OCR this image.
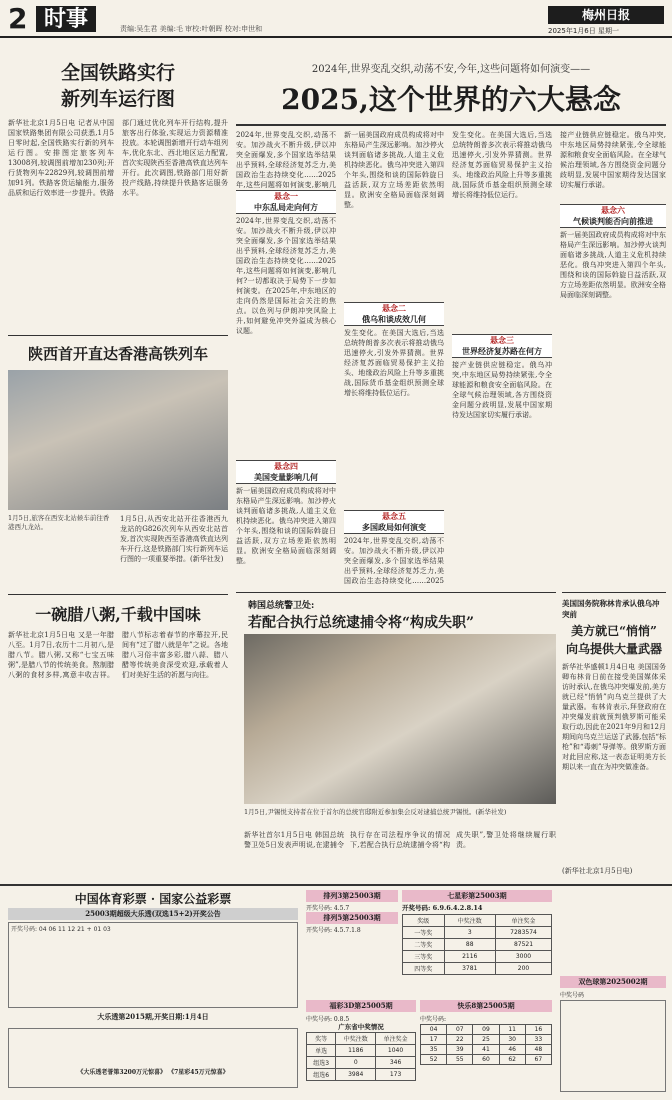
2 时事	责编:吴生君 美编:毛 审校:叶朝晖 校对:申世和
梅州日报
2025年1月6日 星期一
全国铁路实行
新列车运行图
新华社北京1月5日电 记者从中国国家铁路集团有限公司获悉,1月5日零时起,全国铁路实行新的列车运行图。安排图定旅客列车13008列,较调图前增加230列;开行货物列车22829列,较调图前增加91列。铁路客货运输能力,服务品质和运行效率进一步提升。铁路部门通过优化列车开行结构,提升旅客出行体验,实现运力资源精准投放。本轮调图新增开行动车组列车,优化东北、西北地区运力配置,首次实现陕西至香港高铁直达列车开行。此次调图,铁路部门用好新投产线路,持续提升铁路客运服务水平。
陕西首开直达香港高铁列车
1月5日,旅客在西安北站候车前往香港西九龙站。
1月5日,从西安北站开往香港西九龙站的G826次列车从西安北站首发,首次实现陕西至香港高铁直达列车开行,这是铁路部门实行新列车运行图的一项重要举措。(新华社发)
一碗腊八粥,千载中国味
新华社北京1月5日电 又是一年腊八至。1月7日,农历十二月初八,是腊八节。腊八粥,又称“七宝五味粥”,是腊八节的传统美食。熬制腊八粥的食材多样,寓意丰收吉祥。腊八节标志着春节的序幕拉开,民间有“过了腊八就是年”之说。各地腊八习俗丰富多彩,腊八蒜、腊八醋等传统美食深受欢迎,承载着人们对美好生活的祈愿与向往。
2024年,世界变乱交织,动荡不安,今年,这些问题将如何演变——
2025,这个世界的六大悬念
2024年,世界变乱交织,动荡不安。加沙战火不断升级,伊以冲突全面爆发,多个国家选举结果出乎预料,全球经济复苏乏力,美国政治生态持续变化……2025年,这些问题将如何演变,影响几
悬念一
中东乱局走向何方
2024年,世界变乱交织,动荡不安。加沙战火不断升级,伊以冲突全面爆发,多个国家选举结果出乎预料,全球经济复苏乏力,美国政治生态持续变化……2025年,这些问题将如何演变,影响几何?一切都取决于局势下一步如何演变。在2025年,中东地区的走向仍然是国际社会关注的焦点。以色列与伊朗冲突风险上升,如何避免冲突外溢成为核心议题。
悬念四
美国变量影响几何
新一届美国政府成员构成将对中东格局产生深远影响。加沙停火谈判面临诸多挑战,人道主义危机持续恶化。俄乌冲突进入第四个年头,围绕和谈的国际斡旋日益活跃,双方立场差距依然明显。欧洲安全格局面临深刻调整。
新一届美国政府成员构成将对中东格局产生深远影响。加沙停火谈判面临诸多挑战,人道主义危机持续恶化。俄乌冲突进入第四个年头,围绕和谈的国际斡旋日益活跃,双方立场差距依然明显。欧洲安全格局面临深刻调整。
悬念二
俄乌和谈成效几何
发生变化。在美国大选后,当选总统特朗普多次表示将推动俄乌迅速停火,引发外界猜测。世界经济复苏面临贸易保护主义抬头、地缘政治风险上升等多重挑战,国际货币基金组织预测全球增长将维持低位运行。
悬念五
多国政局如何演变
2024年,世界变乱交织,动荡不安。加沙战火不断升级,伊以冲突全面爆发,多个国家选举结果出乎预料,全球经济复苏乏力,美国政治生态持续变化……2025
发生变化。在美国大选后,当选总统特朗普多次表示将推动俄乌迅速停火,引发外界猜测。世界经济复苏面临贸易保护主义抬头、地缘政治风险上升等多重挑战,国际货币基金组织预测全球增长将维持低位运行。
悬念三
世界经济复苏路在何方
接产业链供应链稳定。俄乌冲突,中东地区局势持续紧张,令全球能源和粮食安全面临风险。在全球气候治理领域,各方围绕资金问题分歧明显,发展中国家期待发达国家切实履行承诺。
接产业链供应链稳定。俄乌冲突,中东地区局势持续紧张,令全球能源和粮食安全面临风险。在全球气候治理领域,各方围绕资金问题分歧明显,发展中国家期待发达国家切实履行承诺。
悬念六
气候谈判能否向前推进
新一届美国政府成员构成将对中东格局产生深远影响。加沙停火谈判面临诸多挑战,人道主义危机持续恶化。俄乌冲突进入第四个年头,围绕和谈的国际斡旋日益活跃,双方立场差距依然明显。欧洲安全格局面临深刻调整。
韩国总统警卫处:
若配合执行总统逮捕令将“构成失职”
1月5日,尹锡悦支持者在位于首尔的总统官邸附近参加集会反对逮捕总统尹锡悦。(新华社发)
新华社首尔1月5日电 韩国总统警卫处5日发表声明说,在逮捕令执行存在司法程序争议的情况下,若配合执行总统逮捕令将“构成失职”,警卫处将继续履行职责。
美国国务院称林肯承认俄乌冲突前
美方就已“悄悄”
向乌提供大量武器
新华社华盛顿1月4日电 美国国务卿布林肯日前在接受美国媒体采访时承认,在俄乌冲突爆发前,美方就已经“悄悄”向乌克兰提供了大量武器。布林肯表示,拜登政府在冲突爆发前就预判俄罗斯可能采取行动,因此在2021年9月和12月期间向乌克兰运送了武器,包括“标枪”和“毒刺”导弹等。俄罗斯方面对此回应称,这一表态证明美方长期以来一直在为冲突做准备。
(新华社北京1月5日电)
中国体育彩票 · 国家公益彩票
25003期超级大乐透(双选15+2)开奖公告
开奖号码: 04 06 11 12 21 + 01 03
大乐透第2015期,开奖日期:1月4日
《大乐透老誉第3200万元惊喜》 《7星彩45万元惊喜》
排列3第25003期
开奖号码: 4.5.7
排列5第25003期
开奖号码: 4.5.7.1.8
七星彩第25003期
开奖号码: 6.9.6.4.2.8.14
奖级	中奖注数	单注奖金
一等奖	3	7283574
二等奖	88	87521
三等奖	2116	3000
四等奖	3781	200
福彩3D第25005期
中奖号码: 0.8.5
广东省中奖情况
奖等	中奖注数	单注奖金
单选	1186	1040
组选3	0	346
组选6	3984	173
快乐8第25005期
中奖号码:
04	07	09	11	16
17	22	25	30	33
35	39	41	46	48
52	55	60	62	67
双色球第2025002期
中奖号码
